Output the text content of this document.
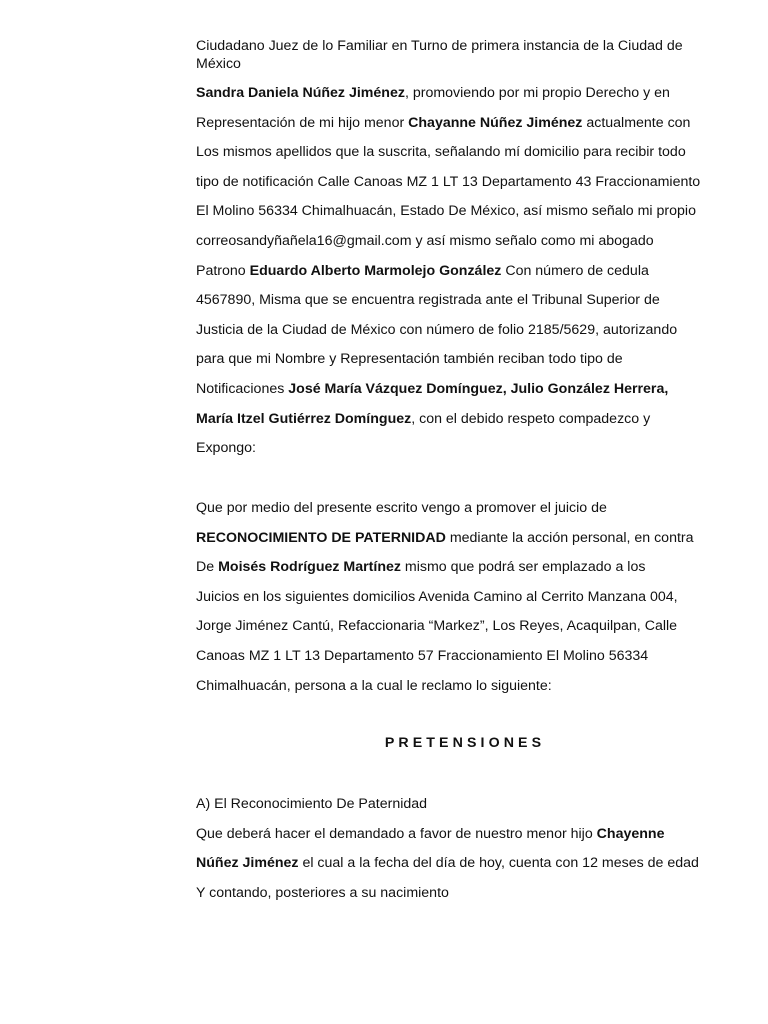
Ciudadano Juez de lo Familiar en Turno de primera instancia de la Ciudad de
México
Sandra Daniela Núñez Jiménez, promoviendo por mi propio Derecho y en
Representación de mi hijo menor Chayanne Núñez Jiménez actualmente con
Los mismos apellidos que la suscrita, señalando mí domicilio para recibir todo
tipo de notificación Calle Canoas MZ 1 LT 13 Departamento 43 Fraccionamiento
El Molino 56334 Chimalhuacán, Estado De México, así mismo señalo mi propio
correosandyñañela16@gmail.com y así mismo señalo como mi abogado
Patrono Eduardo Alberto Marmolejo González Con número de cedula
4567890, Misma que se encuentra registrada ante el Tribunal Superior de
Justicia de la Ciudad de México con número de folio 2185/5629, autorizando
para que mi Nombre y Representación también reciban todo tipo de
Notificaciones José María Vázquez Domínguez, Julio González Herrera,
María Itzel Gutiérrez Domínguez, con el debido respeto compadezco y
Expongo:
Que por medio del presente escrito vengo a promover el juicio de
RECONOCIMIENTO DE PATERNIDAD mediante la acción personal, en contra
De Moisés Rodríguez Martínez mismo que podrá ser emplazado a los
Juicios en los siguientes domicilios Avenida Camino al Cerrito Manzana 004,
Jorge Jiménez Cantú, Refaccionaria “Markez”, Los Reyes, Acaquilpan, Calle
Canoas MZ 1 LT 13 Departamento 57 Fraccionamiento El Molino 56334
Chimalhuacán, persona a la cual le reclamo lo siguiente:
PRETENSIONES
A) El Reconocimiento De Paternidad
Que deberá hacer el demandado a favor de nuestro menor hijo Chayenne
Núñez Jiménez el cual a la fecha del día de hoy, cuenta con 12 meses de edad
Y contando, posteriores a su nacimiento
